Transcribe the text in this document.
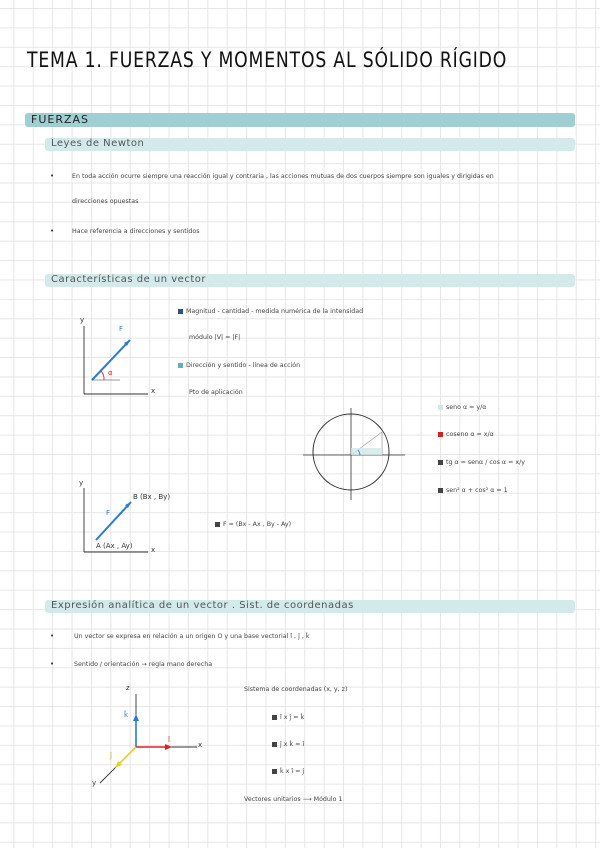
TEMA 1. FUERZAS Y MOMENTOS AL SÓLIDO RÍGIDO
FUERZAS
Leyes de Newton
•	En toda acción ocurre siempre una reacción igual y contraria , las acciones mutuas de dos cuerpos siempre son iguales y dirigidas en
direcciones opuestas
•	Hace referencia a direcciones y sentidos
Características de un vector
y
x
F
α
Magnitud - cantidad - medida numérica de la intensidad
módulo |V| = |F|
Dirección y sentido - línea de acción
Pto de aplicación
seno α = y/α
coseno α = x/α
tg α = senα / cos α = x/y
sen² α + cos² α = 1
y
x
F
B (Bx , By)
A (Ax , Ay)
F = (Bx - Ax , By - Ay)
Expresión analítica de un vector . Sist. de coordenadas
•	Un vector se expresa en relación a un origen O y una base vectorial î , ĵ , k̂
•	Sentido / orientación → regla mano derecha
z
x
y
k̂
î
ĵ
Sistema de coordenadas (x, y, z)
î x ĵ = k̂
ĵ x k̂ = î
k̂ x î = ĵ
Vectores unitarios ⟶ Módulo 1
